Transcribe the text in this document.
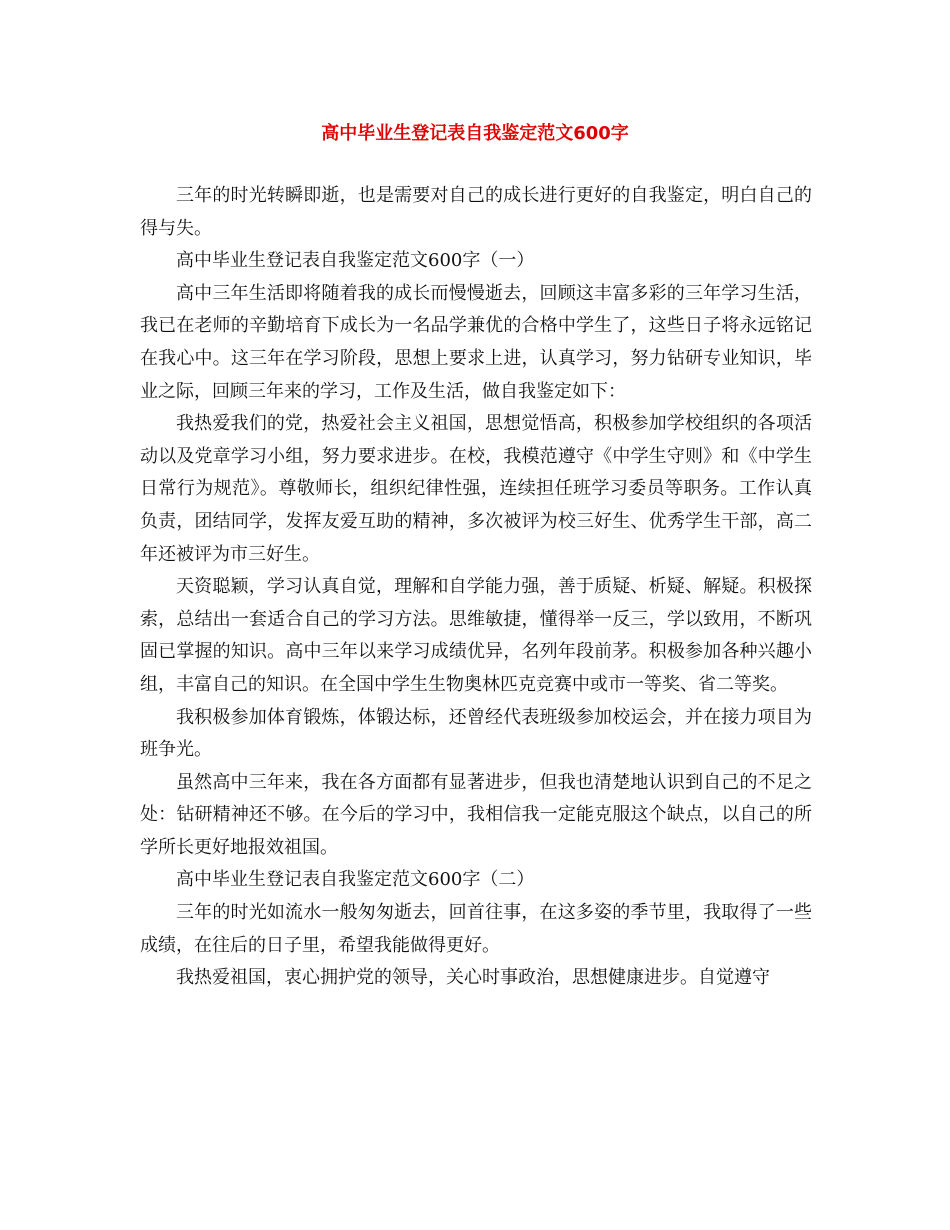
高中毕业生登记表自我鉴定范文600字

三年的时光转瞬即逝，也是需要对自己的成长进行更好的自我鉴定，明白自己的得与失。

高中毕业生登记表自我鉴定范文600字（一）

高中三年生活即将随着我的成长而慢慢逝去，回顾这丰富多彩的三年学习生活，我已在老师的辛勤培育下成长为一名品学兼优的合格中学生了，这些日子将永远铭记在我心中。这三年在学习阶段，思想上要求上进，认真学习，努力钻研专业知识，毕业之际，回顾三年来的学习，工作及生活，做自我鉴定如下：

我热爱我们的党，热爱社会主义祖国，思想觉悟高，积极参加学校组织的各项活动以及党章学习小组，努力要求进步。在校，我模范遵守《中学生守则》和《中学生日常行为规范》。尊敬师长，组织纪律性强，连续担任班学习委员等职务。工作认真负责，团结同学，发挥友爱互助的精神，多次被评为校三好生、优秀学生干部，高二年还被评为市三好生。

天资聪颖，学习认真自觉，理解和自学能力强，善于质疑、析疑、解疑。积极探索，总结出一套适合自己的学习方法。思维敏捷，懂得举一反三，学以致用，不断巩固已掌握的知识。高中三年以来学习成绩优异，名列年段前茅。积极参加各种兴趣小组，丰富自己的知识。在全国中学生生物奥林匹克竞赛中或市一等奖、省二等奖。

我积极参加体育锻炼，体锻达标，还曾经代表班级参加校运会，并在接力项目为班争光。

虽然高中三年来，我在各方面都有显著进步，但我也清楚地认识到自己的不足之处：钻研精神还不够。在今后的学习中，我相信我一定能克服这个缺点，以自己的所学所长更好地报效祖国。

高中毕业生登记表自我鉴定范文600字（二）

三年的时光如流水一般匆匆逝去，回首往事，在这多姿的季节里，我取得了一些成绩，在往后的日子里，希望我能做得更好。

我热爱祖国，衷心拥护党的领导，关心时事政治，思想健康进步。自觉遵守
